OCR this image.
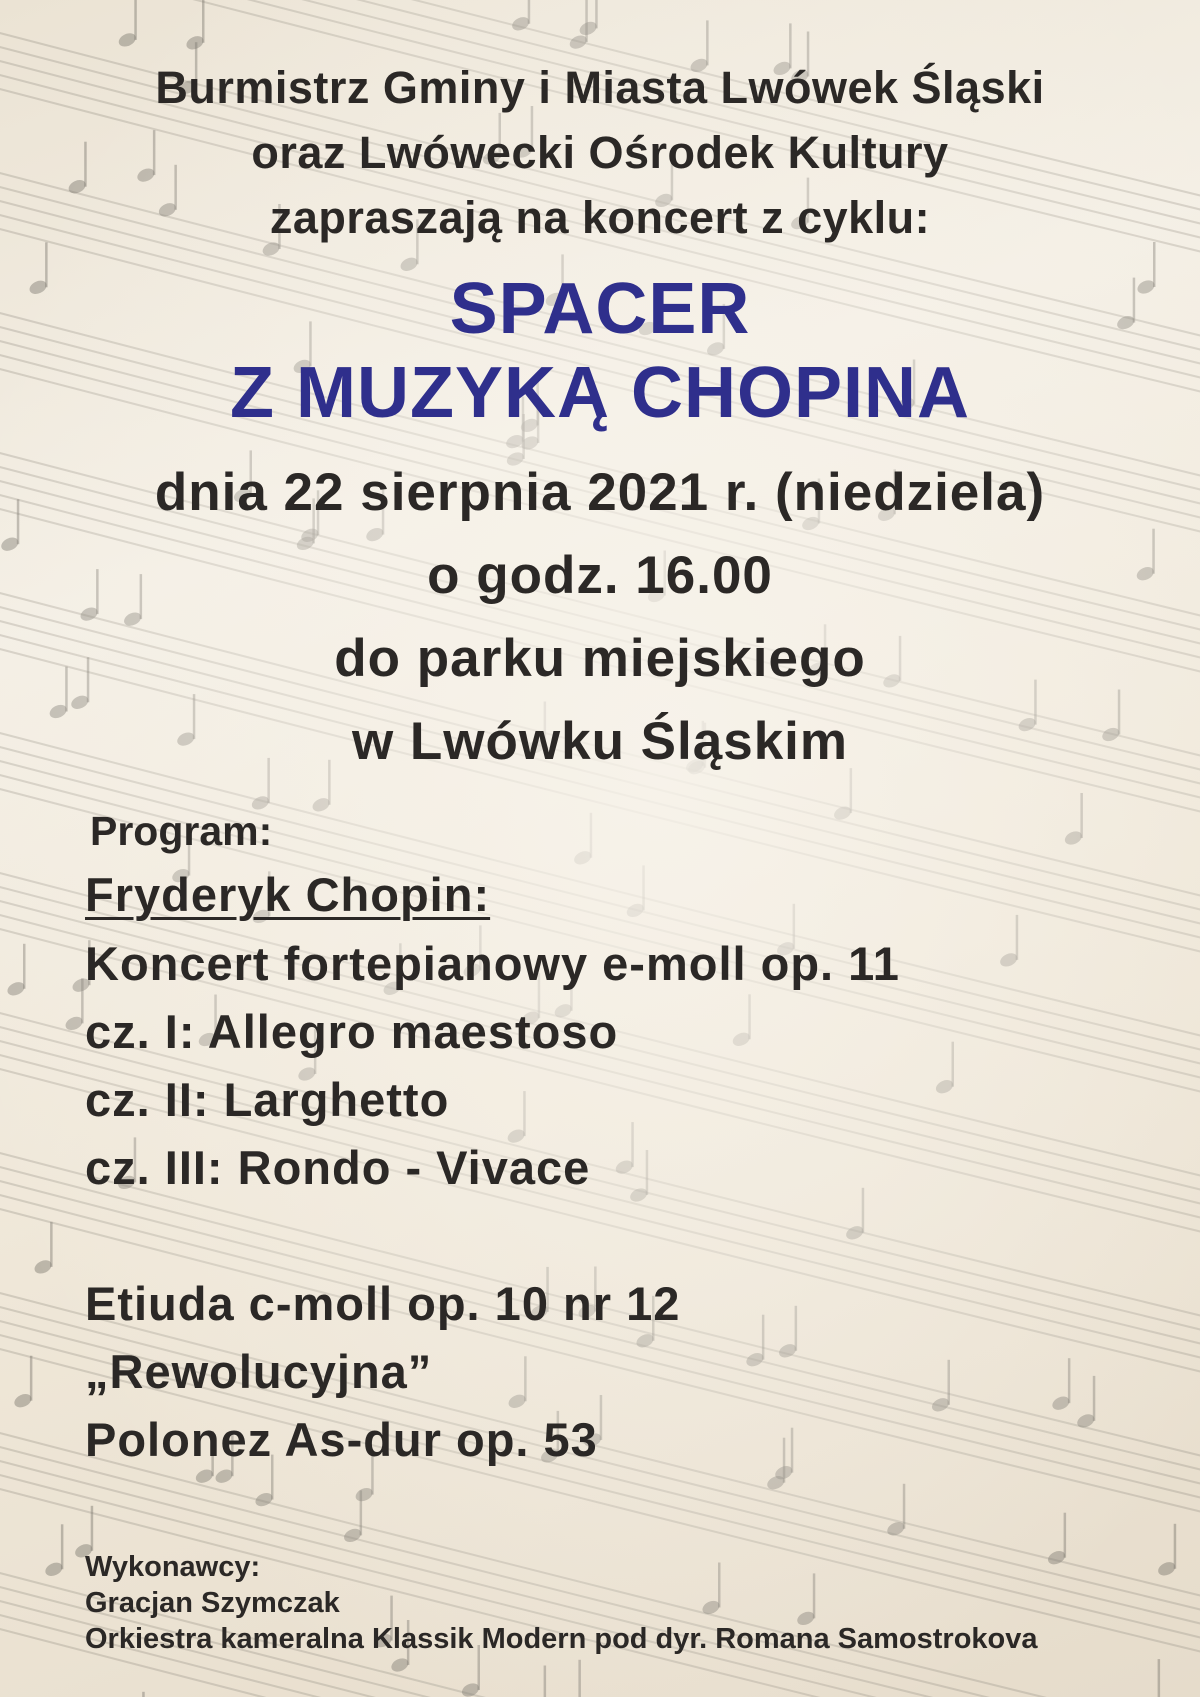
Burmistrz Gminy i Miasta Lwówek Śląski
oraz Lwówecki Ośrodek Kultury
zapraszają na koncert z cyklu:
SPACER
Z MUZYKĄ CHOPINA
dnia 22 sierpnia 2021 r. (niedziela)
o godz. 16.00
do parku miejskiego
w Lwówku Śląskim
Program:
Fryderyk Chopin:
Koncert fortepianowy e-moll op. 11
cz. I: Allegro maestoso
cz. II: Larghetto
cz. III: Rondo - Vivace
Etiuda c-moll op. 10 nr 12
„Rewolucyjna”
Polonez As-dur op. 53
Wykonawcy:
Gracjan Szymczak
Orkiestra kameralna Klassik Modern pod dyr. Romana Samostrokova
